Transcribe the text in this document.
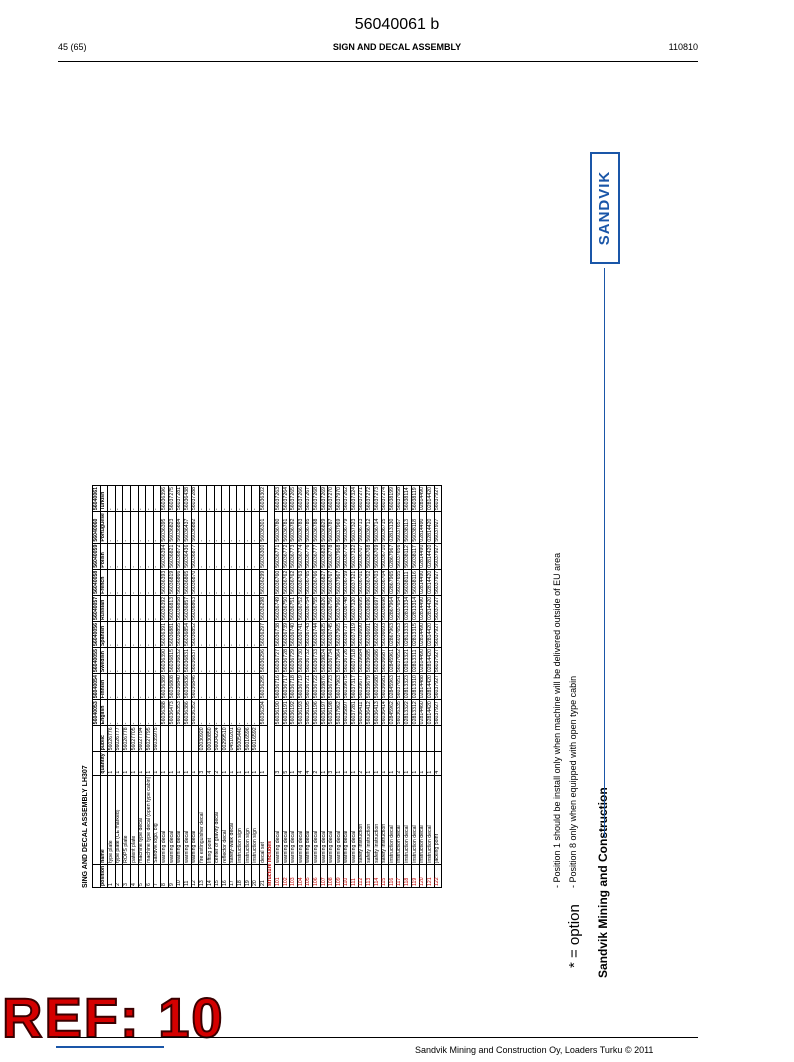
56040061 b
45 (65)	SIGN AND DECAL ASSEMBLY	110810
SING AND DECAL ASSEMBLY LH307
				56040053	56040054	56040055	56040056	56040057	56040058	56040059	56040060	56040061
position	name	quantity	public	English	Finnish	Swedish	Spanish	Russian	French	Polish	Portuguese	Turkish
1	type plate	1	56026776	-	-	-	-	-	-	-	-	-
2	type plate (CE marked)	1	56026777	-	-	-	-	-	-	-	-	-
3	ROPS plate	1	56026778	-	-	-	-	-	-	-	-	-
4	patent plate	1	56027705	-	-	-	-	-	-	-	-	-
5	machine type decal	1	56027794	-	-	-	-	-	-	-	-	-
6	machine type decal (open type cabin)	1	56027795	-	-	-	-	-	-	-	-	-
7	Sandvik logo, big	1	56035975	-	-	-	-	-	-	-	-	-
8	warning decal	1		56036388	56036389	56036390	56036391	56036392	56036393	56036394	56036395	56036396
9	warning decal	1		56036473	56036808	56036815	56036881	56036813	56036819	56036821	56036823	56037275
10	warning decal	1		56036353	56036840	56036832	56036855	56036858	56036866	56036872	56036884	56037281
11	warning decal	1		56036386	56036836	56036831	56036854	56036857	56036865	56036436	56036437	56036438
12	warning decal	1		56036352	56036846	56036837	56036852	56036863	56036870	56036877	56036882	56037288
13	fire extinguisher decal	3	02030920	-	-	-	-	-	-	-	-	-
14	lifting point	4	00030850	-	-	-	-	-	-	-	-	-
15	center of gravity decal	2	56004224	-	-	-	-	-	-	-	-	-
16	reflector decal	1	00299510	-	-	-	-	-	-	-	-	-
17	safety-walk decal	1	04510201	-	-	-	-	-	-	-	-	-
18	instruction sign	1	55005440	-	-	-	-	-	-	-	-	-
19	instruction sign	1	56016596	-	-	-	-	-	-	-	-	-
20	instruction sign	1	56016592	-	-	-	-	-	-	-	-	-
21	decal set	1		56036294	56036295	56036296	56036297	56036298	56036299	56036300	56036301	56036302
structure includes												
101	warning decal	3		56036190	56036716	56036727	56036738	56036749	56036760	56036771	56036780	56037263
102	warning decal	5		56036191	56036717	56036728	56036739	56036750	56036762	56036772	56036781	56037264
103	warning decal	1		56036192	56036718	56036729	56036740	56036751	56036762	56036773	56036782	56037265
104	warning decal	4		56036193	56036719	56036730	56036741	56036752	56036763	56036774	56036783	56037266
105	warning decal	4		56036195	56036721	56036732	56036743	56036754	56036765	56036776	56036785	56037267
106	warning decal	2		56036196	56036722	56036733	56036744	56036755	56036766	56036777	56036788	56037268
107	warning decal	1		56036197	56039876	56039824	56036825	56036826	56036827	56036828	56036829	56037269
108	warning decal	3		56036198	56036723	56036734	56036745	56036756	56036767	56036778	56036787	56037270
109	warning decal	1		56037962	56037963	56037964	56037965	56037966	56037967	56037968	56037969	56037970
110	warning decal	1		56035897	56039675	56036726	56036737	56036748	56036759	56036770	56036779	56037262
111	warning decal	1		56037281	56037317	56037318	56037319	56037320	56037321	56037322	56037323	56037324
112	safety instruction	2		56036411	56039677	56039684	56039690	56039695	56036701	56036707	56036713	56037271
113	safety instruction	1		56036412	56039679	56039685	56036691	56036696	56036702	56036708	56036712	56037272
114	safety instruction	1		56036413	56036680	56036686	56036692	56036697	56036703	56036709	56036714	56037273
115	safety instruction	1		56036414	56036681	56036687	56036693	56036698	56036704	56036710	56036715	56037274
116	instruction decal	1		02845962	02845963	02845961	02867963	02867964	02867965	02867967	02813130	56038199
117	instruction decal	2		56036335	56037651	56037652	56037653	56037654	56037655	56037656	56037657	56037658
118	instruction decal	1		02813322	02813323	02813321	02813333	02813334	56038111	56038112	56038113	56038114
119	instruction decal	1		02813312	02813310	02813311	02813315	02813314	56038116	56038117	56038118	56038119
120	instruction decal	1		02814460	02814488	02814490	02814490	02814490	02814490	02814490	02814490	02814490
121	instruction decal	1		02814420	02814420	02814420	02814420	02814420	02814420	02814420	02814420	02814420
122	jacking point	4		56037927	56037927	56037927	56037927	56037927	56037927	56037927	56037927	56037927
- Position 1 should be install only when machine will be delivered outside of EU area - Position 8 only when equipped with open type cabin
* = option Sandvik Mining and Construction
SANDVIK
REF: 10
Sandvik Mining and Construction Oy, Loaders Turku © 2011
